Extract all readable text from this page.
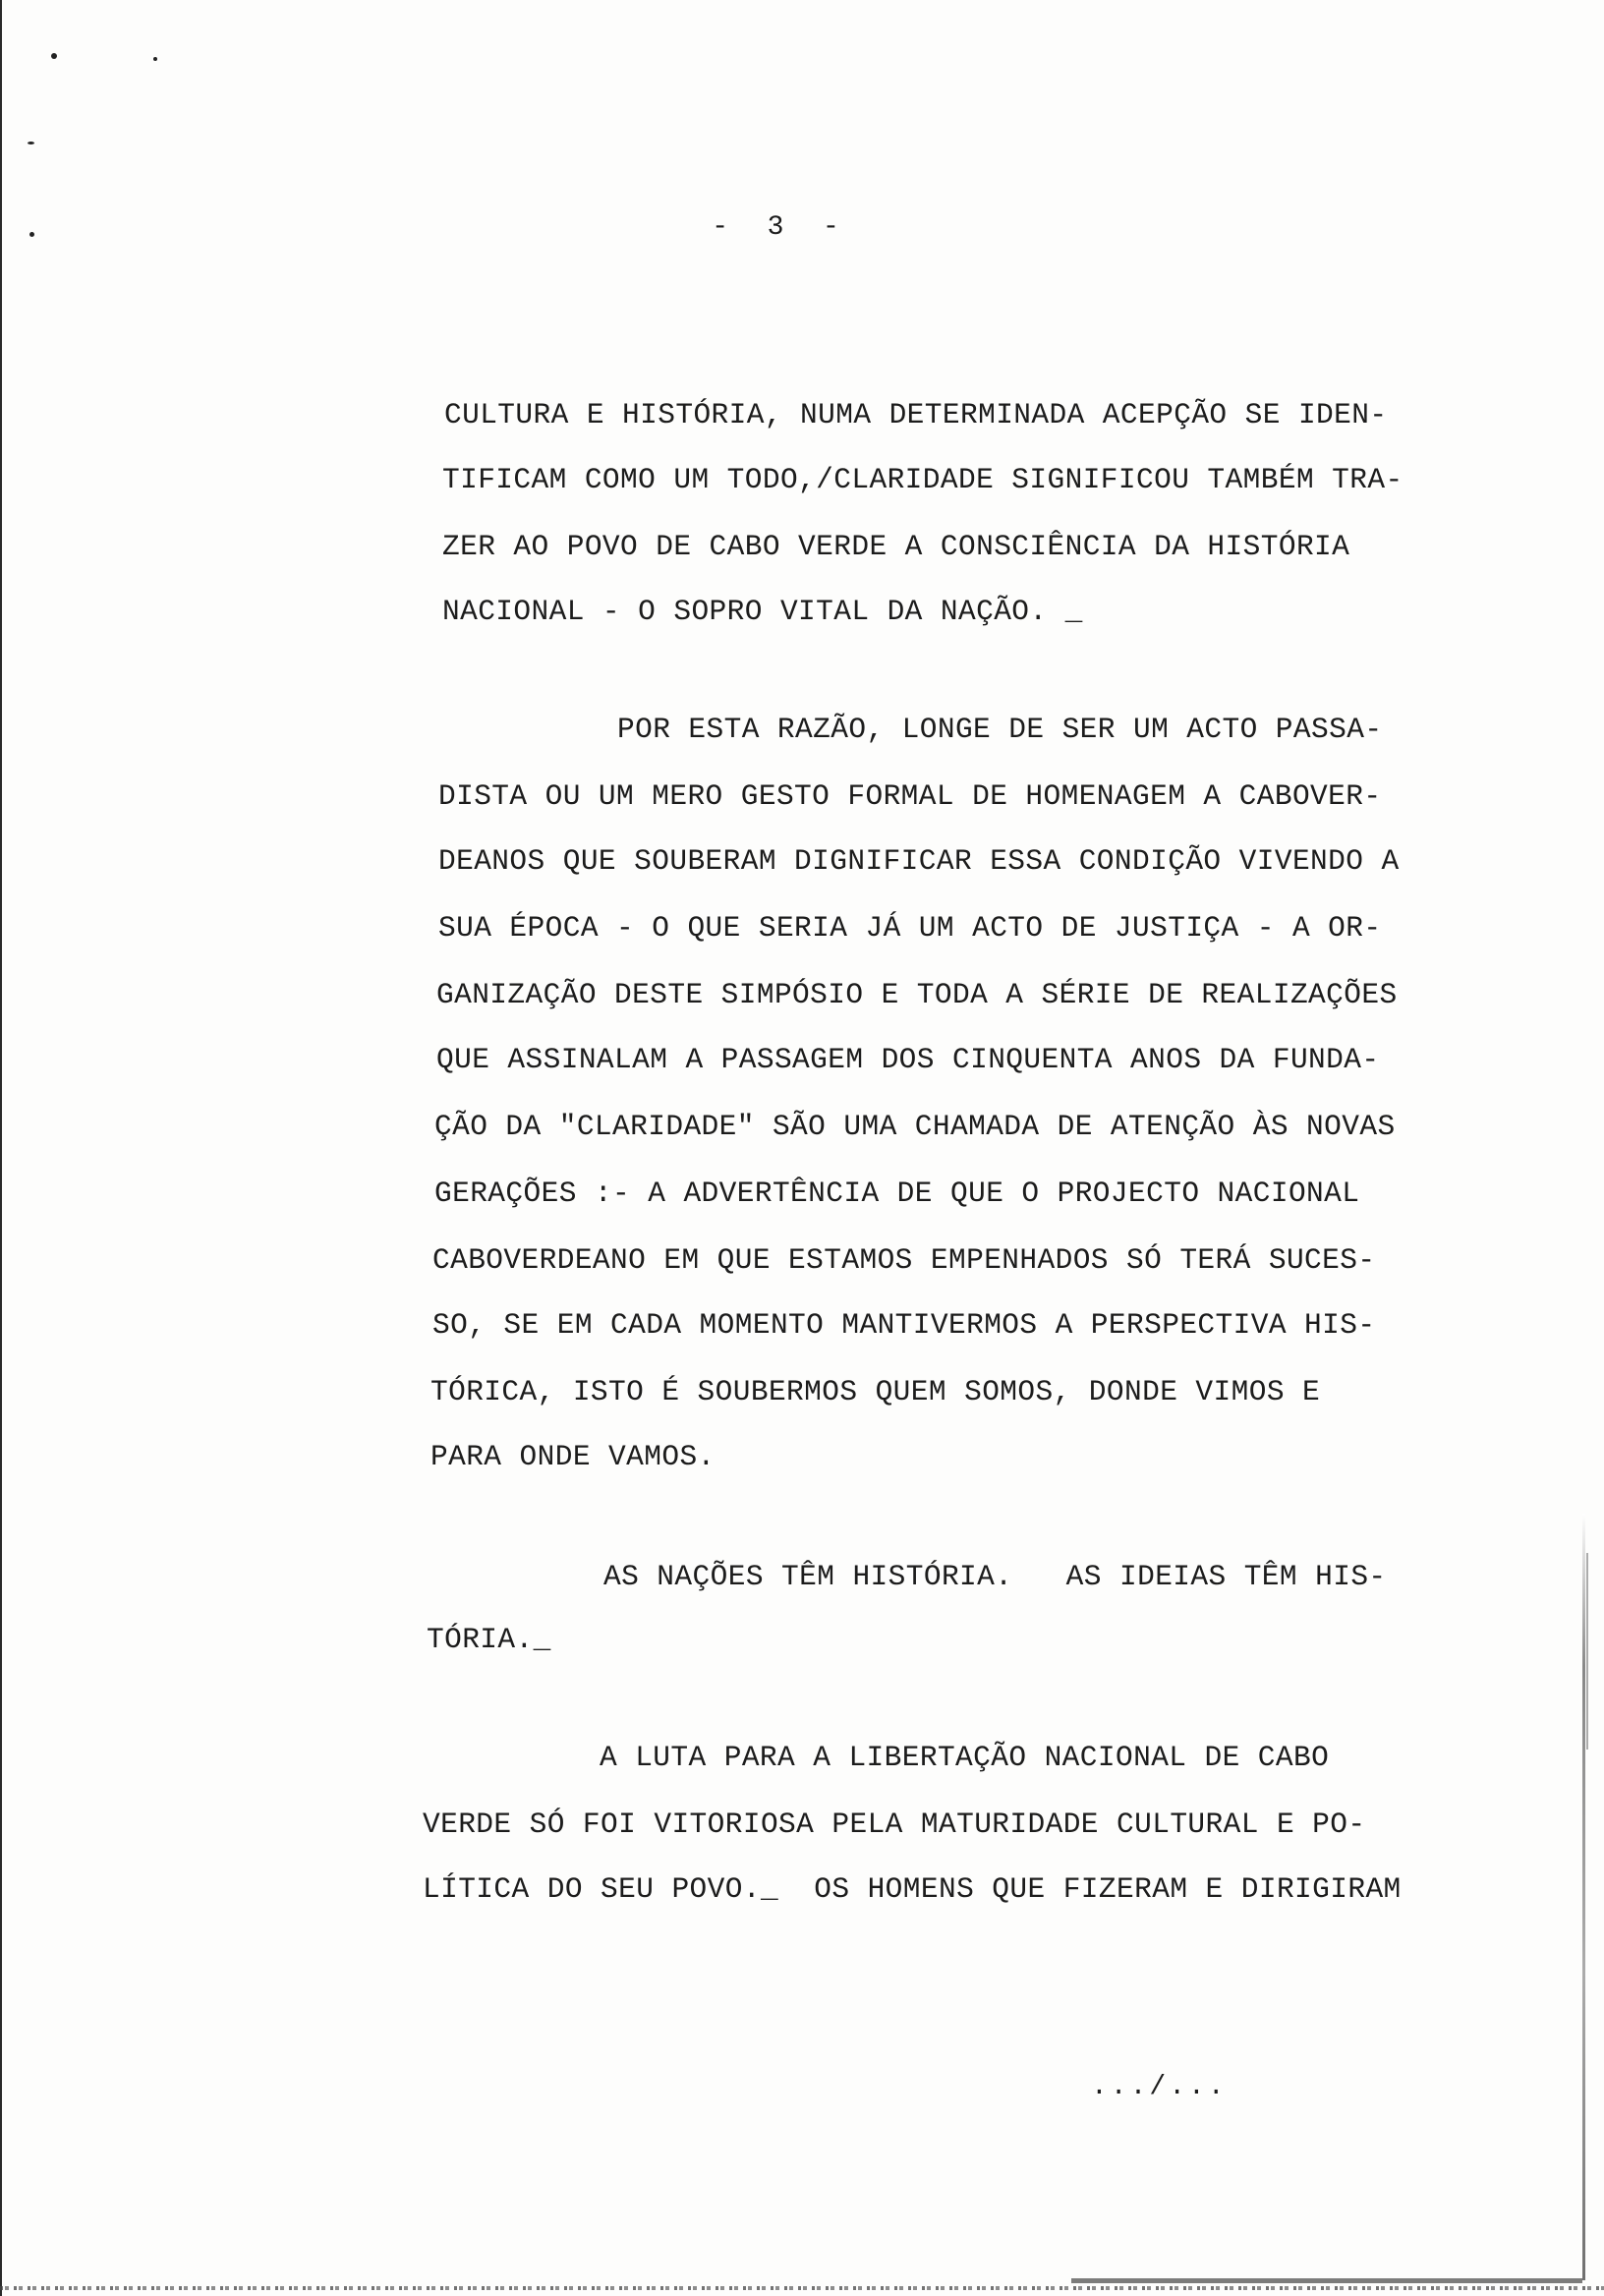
-  3  -
CULTURA E HISTÓRIA, NUMA DETERMINADA ACEPÇÃO SE IDEN-
TIFICAM COMO UM TODO,/CLARIDADE SIGNIFICOU TAMBÉM TRA-
ZER AO POVO DE CABO VERDE A CONSCIÊNCIA DA HISTÓRIA
NACIONAL - O SOPRO VITAL DA NAÇÃO. _
POR ESTA RAZÃO, LONGE DE SER UM ACTO PASSA-
DISTA OU UM MERO GESTO FORMAL DE HOMENAGEM A CABOVER-
DEANOS QUE SOUBERAM DIGNIFICAR ESSA CONDIÇÃO VIVENDO A
SUA ÉPOCA - O QUE SERIA JÁ UM ACTO DE JUSTIÇA - A OR-
GANIZAÇÃO DESTE SIMPÓSIO E TODA A SÉRIE DE REALIZAÇÕES
QUE ASSINALAM A PASSAGEM DOS CINQUENTA ANOS DA FUNDA-
ÇÃO DA "CLARIDADE" SÃO UMA CHAMADA DE ATENÇÃO ÀS NOVAS
GERAÇÕES :- A ADVERTÊNCIA DE QUE O PROJECTO NACIONAL
CABOVERDEANO EM QUE ESTAMOS EMPENHADOS SÓ TERÁ SUCES-
SO, SE EM CADA MOMENTO MANTIVERMOS A PERSPECTIVA HIS-
TÓRICA, ISTO É SOUBERMOS QUEM SOMOS, DONDE VIMOS E
PARA ONDE VAMOS.
AS NAÇÕES TÊM HISTÓRIA.   AS IDEIAS TÊM HIS-
TÓRIA._
A LUTA PARA A LIBERTAÇÃO NACIONAL DE CABO
VERDE SÓ FOI VITORIOSA PELA MATURIDADE CULTURAL E PO-
LÍTICA DO SEU POVO._  OS HOMENS QUE FIZERAM E DIRIGIRAM
.../...
